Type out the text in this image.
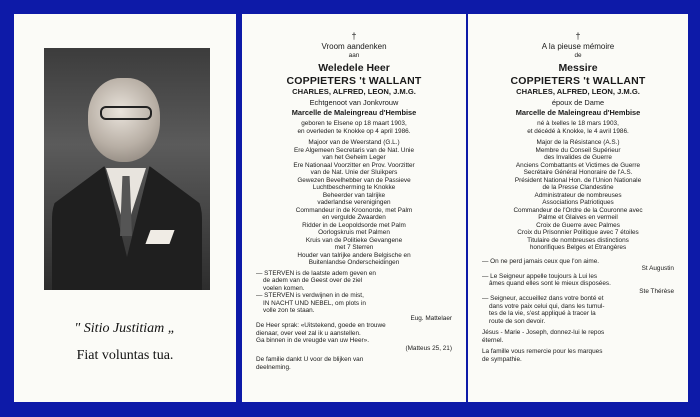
" Sitio Justitiam „
Fiat voluntas tua.
†
Vroom aandenken
aan
Weledele Heer
COPPIETERS 't WALLANT
CHARLES, ALFRED, LEON, J.M.G.
Echtgenoot van Jonkvrouw
Marcelle de Maleingreau d'Hembise
geboren te Elsene op 18 maart 1903,
en overleden te Knokke op 4 april 1986.
Majoor van de Weerstand (G.L.)
Ere Algemeen Secretaris van de Nat. Unie
van het Geheim Leger
Ere Nationaal Voorzitter en Prov. Voorzitter
van de Nat. Unie der Sluikpers
Gewezen Bevelhebber van de Passieve
Luchtbescherming te Knokke
Beheerder van talrijke
vaderlandse verenigingen
Commandeur in de Kroonorde, met Palm
en vergulde Zwaarden
Ridder in de Leopoldsorde met Palm
Oorlogskruis met Palmen
Kruis van de Politieke Gevangene
met 7 Sterren
Houder van talrijke andere Belgische en
Buitenlandse Onderscheidingen
— STERVEN is de laatste adem geven en
de adem van de Geest over de ziel
voelen komen.
— STERVEN is verdwijnen in de mist,
IN NACHT UND NEBEL, om plots in
volle zon te staan.
Eug. Mattelaer
De Heer sprak: «Uitstekend, goede en trouwe
dienaar, over veel zal ik u aanstellen.
Ga binnen in de vreugde van uw Heer».
(Matteus 25, 21)
De familie dankt U voor de blijken van
deelneming.
†
A la pieuse mémoire
de
Messire
COPPIETERS 't WALLANT
CHARLES, ALFRED, LEON, J.M.G.
époux de Dame
Marcelle de Maleingreau d'Hembise
né à Ixelles le 18 mars 1903,
et décédé à Knokke, le 4 avril 1986.
Major de la Résistance (A.S.)
Membre du Conseil Supérieur
des Invalides de Guerre
Anciens Combattants et Victimes de Guerre
Secrétaire Général Honoraire de l'A.S.
Président National Hon. de l'Union Nationale
de la Presse Clandestine
Administrateur de nombreuses
Associations Patriotiques
Commandeur de l'Ordre de la Couronne avec
Palme et Glaives en vermeil
Croix de Guerre avec Palmes
Croix du Prisonnier Politique avec 7 étoiles
Titulaire de nombreuses distinctions
honorifiques Belges et Etrangères
— On ne perd jamais ceux que l'on aime.
St Augustin
— Le Seigneur appelle toujours à Lui les
âmes quand elles sont le mieux disposées.
Ste Thérèse
— Seigneur, accueillez dans votre bonté et
dans votre paix celui qui, dans les tumul-
tes de la vie, s'est appliqué à tracer la
route de son devoir.
Jésus - Marie - Joseph, donnez-lui le repos
éternel.
La famille vous remercie pour les marques
de sympathie.
